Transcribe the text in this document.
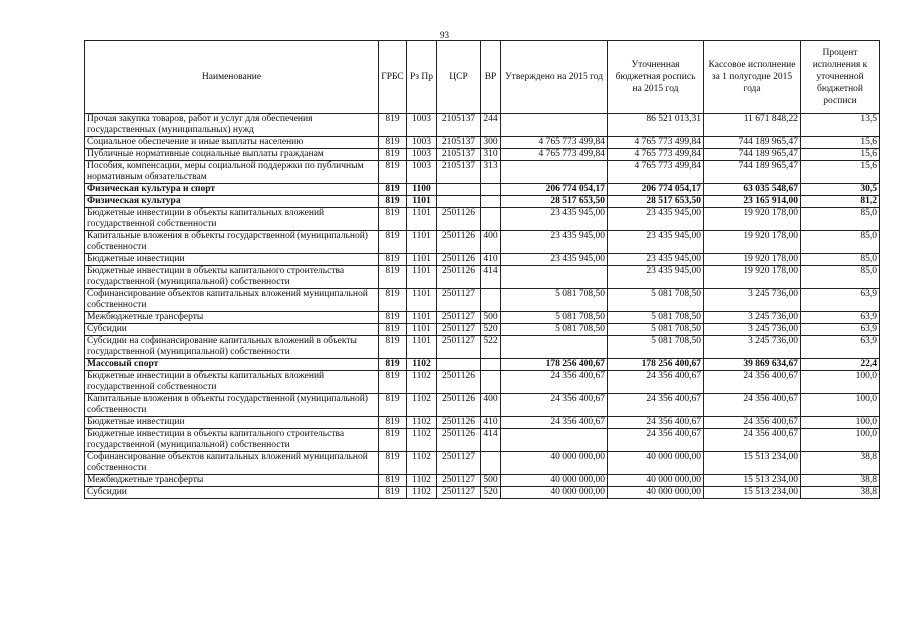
93
Наименование	ГРБС	Рз Пр	ЦСР	ВР	Утверждено на 2015 год	Уточненная бюджетная роспись на 2015 год	Кассовое исполнение за 1 полугодие 2015 года	Процент исполнения к уточненной бюджетной росписи
Прочая закупка товаров, работ и услуг для обеспечения государственных (муниципальных) нужд	819	1003	2105137	244		86 521 013,31	11 671 848,22	13,5
Социальное обеспечение и иные выплаты населению	819	1003	2105137	300	4 765 773 499,84	4 765 773 499,84	744 189 965,47	15,6
Публичные нормативные социальные выплаты гражданам	819	1003	2105137	310	4 765 773 499,84	4 765 773 499,84	744 189 965,47	15,6
Пособия, компенсации, меры социальной поддержки по публичным нормативным обязательствам	819	1003	2105137	313		4 765 773 499,84	744 189 965,47	15,6
Физическая культура и спорт	819	1100			206 774 054,17	206 774 054,17	63 035 548,67	30,5
Физическая культура	819	1101			28 517 653,50	28 517 653,50	23 165 914,00	81,2
Бюджетные инвестиции в объекты капитальных вложений государственной собственности	819	1101	2501126		23 435 945,00	23 435 945,00	19 920 178,00	85,0
Капитальные вложения в объекты государственной (муниципальной) собственности	819	1101	2501126	400	23 435 945,00	23 435 945,00	19 920 178,00	85,0
Бюджетные инвестиции	819	1101	2501126	410	23 435 945,00	23 435 945,00	19 920 178,00	85,0
Бюджетные инвестиции в объекты капитального строительства государственной (муниципальной) собственности	819	1101	2501126	414		23 435 945,00	19 920 178,00	85,0
Софинансирование объектов капитальных вложений муниципальной собственности	819	1101	2501127		5 081 708,50	5 081 708,50	3 245 736,00	63,9
Межбюджетные трансферты	819	1101	2501127	500	5 081 708,50	5 081 708,50	3 245 736,00	63,9
Субсидии	819	1101	2501127	520	5 081 708,50	5 081 708,50	3 245 736,00	63,9
Субсидии на софинансирование капитальных вложений в объекты государственной (муниципальной) собственности	819	1101	2501127	522		5 081 708,50	3 245 736,00	63,9
Массовый спорт	819	1102			178 256 400,67	178 256 400,67	39 869 634,67	22,4
Бюджетные инвестиции в объекты капитальных вложений государственной собственности	819	1102	2501126		24 356 400,67	24 356 400,67	24 356 400,67	100,0
Капитальные вложения в объекты государственной (муниципальной) собственности	819	1102	2501126	400	24 356 400,67	24 356 400,67	24 356 400,67	100,0
Бюджетные инвестиции	819	1102	2501126	410	24 356 400,67	24 356 400,67	24 356 400,67	100,0
Бюджетные инвестиции в объекты капитального строительства государственной (муниципальной) собственности	819	1102	2501126	414		24 356 400,67	24 356 400,67	100,0
Софинансирование объектов капитальных вложений муниципальной собственности	819	1102	2501127		40 000 000,00	40 000 000,00	15 513 234,00	38,8
Межбюджетные трансферты	819	1102	2501127	500	40 000 000,00	40 000 000,00	15 513 234,00	38,8
Субсидии	819	1102	2501127	520	40 000 000,00	40 000 000,00	15 513 234,00	38,8
